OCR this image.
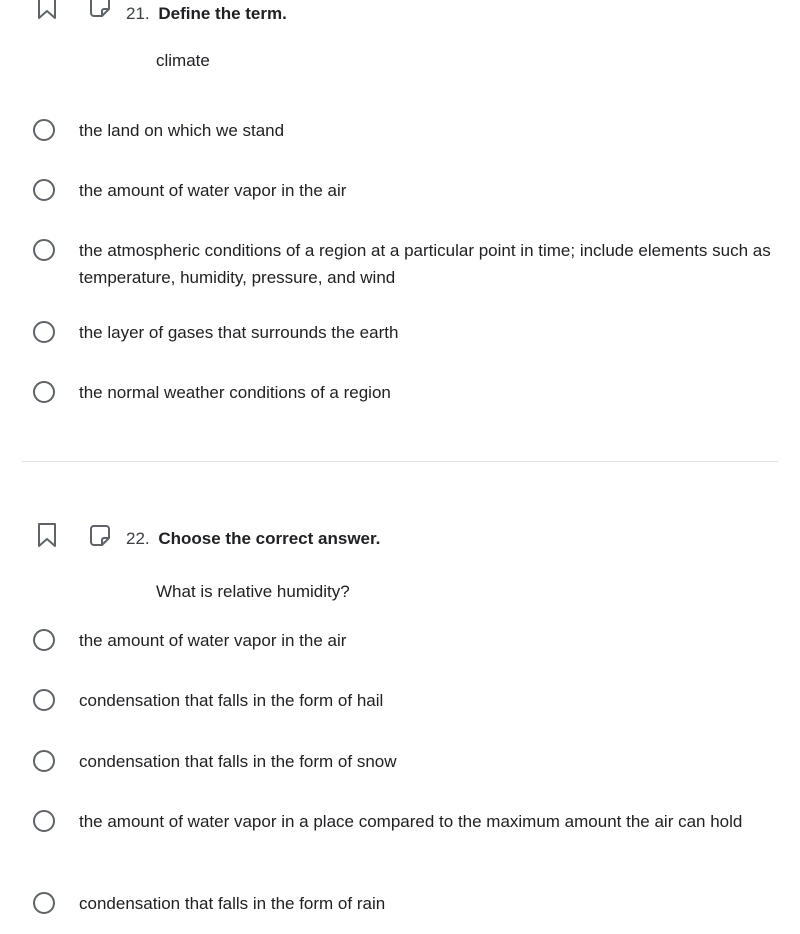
21. Define the term.
climate
the land on which we stand
the amount of water vapor in the air
the atmospheric conditions of a region at a particular point in time; include elements such as temperature, humidity, pressure, and wind
the layer of gases that surrounds the earth
the normal weather conditions of a region
22. Choose the correct answer.
What is relative humidity?
the amount of water vapor in the air
condensation that falls in the form of hail
condensation that falls in the form of snow
the amount of water vapor in a place compared to the maximum amount the air can hold
condensation that falls in the form of rain
